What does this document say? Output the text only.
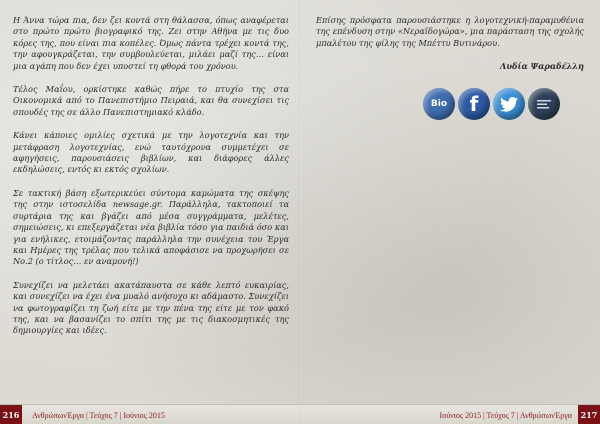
Η Άννα τώρα πια, δεν ζει κοντά στη θάλασσα, όπως αναφέρεται στο πρώτο πρώτο βιογραφικό της. Ζει στην Αθήνα με τις δυο κόρες της, που είναι πια κοπέλες. Όμως πάντα τρέχει κοντά της, την αφουγκράζεται, την συμβουλεύεται, μιλάει μαζί της… είναι μια αγάπη που δεν έχει υποστεί τη φθορά του χρόνου.

Τέλος Μαΐου, ορκίστηκε καθώς πήρε το πτυχίο της στα Οικονομικά από το Πανεπιστήμιο Πειραιά, και θα συνεχίσει τις σπουδές της σε άλλο Πανεπιστημιακό κλάδο.

Κάνει κάποιες ομιλίες σχετικά με την λογοτεχνία και την μετάφραση λογοτεχνίας, ενώ ταυτόχρονα συμμετέχει σε αφηγήσεις, παρουσιάσεις βιβλίων, και διάφορες άλλες εκδηλώσεις, εντός κι εκτός σχολίων.

Σε τακτική βάση εξωτερικεύει σύντομα καμώματα της σκέψης της στην ιστοσελίδα newsage.gr. Παράλληλα, τακτοποιεί τα συρτάρια της και βγάζει από μέσα συγγράμματα, μελέτες, σημειώσεις, κι επεξεργάζεται νέα βιβλία τόσο για παιδιά όσο και για ενήλικες, ετοιμάζοντας παράλληλα την συνέχεια του Έργα και Ημέρες της τρέλας που τελικά αποφάσισε να προχωρήσει σε Νο.2 (ο τίτλος… εν αναμονή!)

Συνεχίζει να μελετάει ακατάπαυστα σε κάθε λεπτό ευκαιρίας, και συνεχίζει να έχει ένα μυαλό ανήσυχο κι αδάμαστο. Συνεχίζει να φωτογραφίζει τη ζωή είτε με την πένα της είτε με τον φακό της, και να βασανίζει το σπίτι της με τις διακοσμητικές της δημιουργίες και ιδέες.

216	ΑνθρώπωνΈργα | Τεύχος 7 | Ιούνιος 2015

Επίσης πρόσφατα παρουσιάστηκε η λογοτεχνική-παραμυθένια της επένδυση στην «Νεραϊδογώρα», μια παράσταση της σχολής μπαλέτου της φίλης της Μπέττυ Βυτινάρου.

Λυδία Ψαραδέλλη
Bio f
Ιούνιος 2015 | Τεύχος 7 | ΑνθρώπωνΈργα	217
